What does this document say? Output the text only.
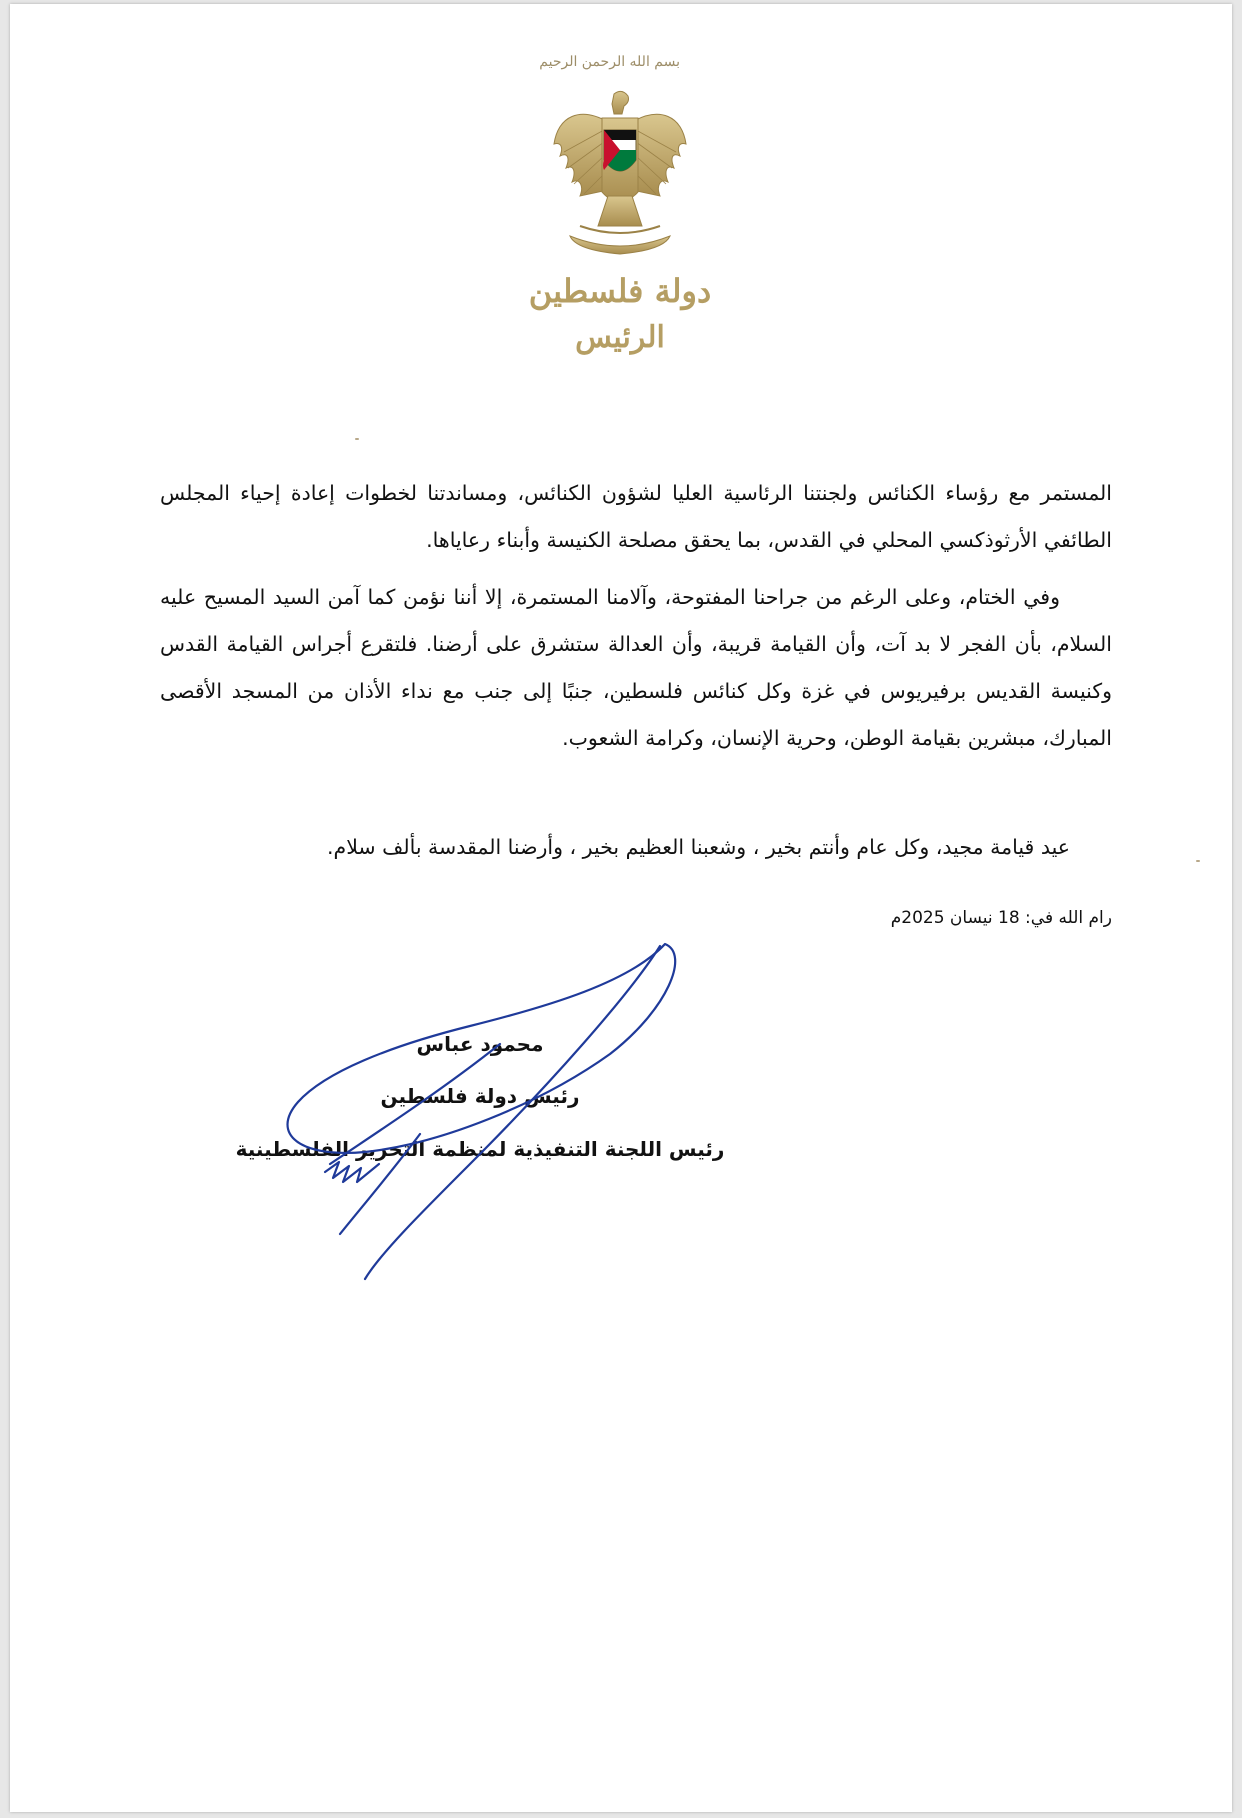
بسم الله الرحمن الرحيم
دولة فلسطين
الرئيس
المستمر مع رؤساء الكنائس ولجنتنا الرئاسية العليا لشؤون الكنائس، ومساندتنا لخطوات إعادة إحياء المجلس الطائفي الأرثوذكسي المحلي في القدس، بما يحقق مصلحة الكنيسة وأبناء رعاياها.
وفي الختام، وعلى الرغم من جراحنا المفتوحة، وآلامنا المستمرة، إلا أننا نؤمن كما آمن السيد المسيح عليه السلام، بأن الفجر لا بد آت، وأن القيامة قريبة، وأن العدالة ستشرق على أرضنا. فلتقرع أجراس القيامة القدس وكنيسة القديس برفيريوس في غزة وكل كنائس فلسطين، جنبًا إلى جنب مع نداء الأذان من المسجد الأقصى المبارك، مبشرين بقيامة الوطن، وحرية الإنسان، وكرامة الشعوب.
عيد قيامة مجيد، وكل عام وأنتم بخير ، وشعبنا العظيم بخير ، وأرضنا المقدسة بألف سلام.
رام الله في: 18 نيسان 2025م
محمود عباس
رئيس دولة فلسطين
رئيس اللجنة التنفيذية لمنظمة التحرير الفلسطينية
